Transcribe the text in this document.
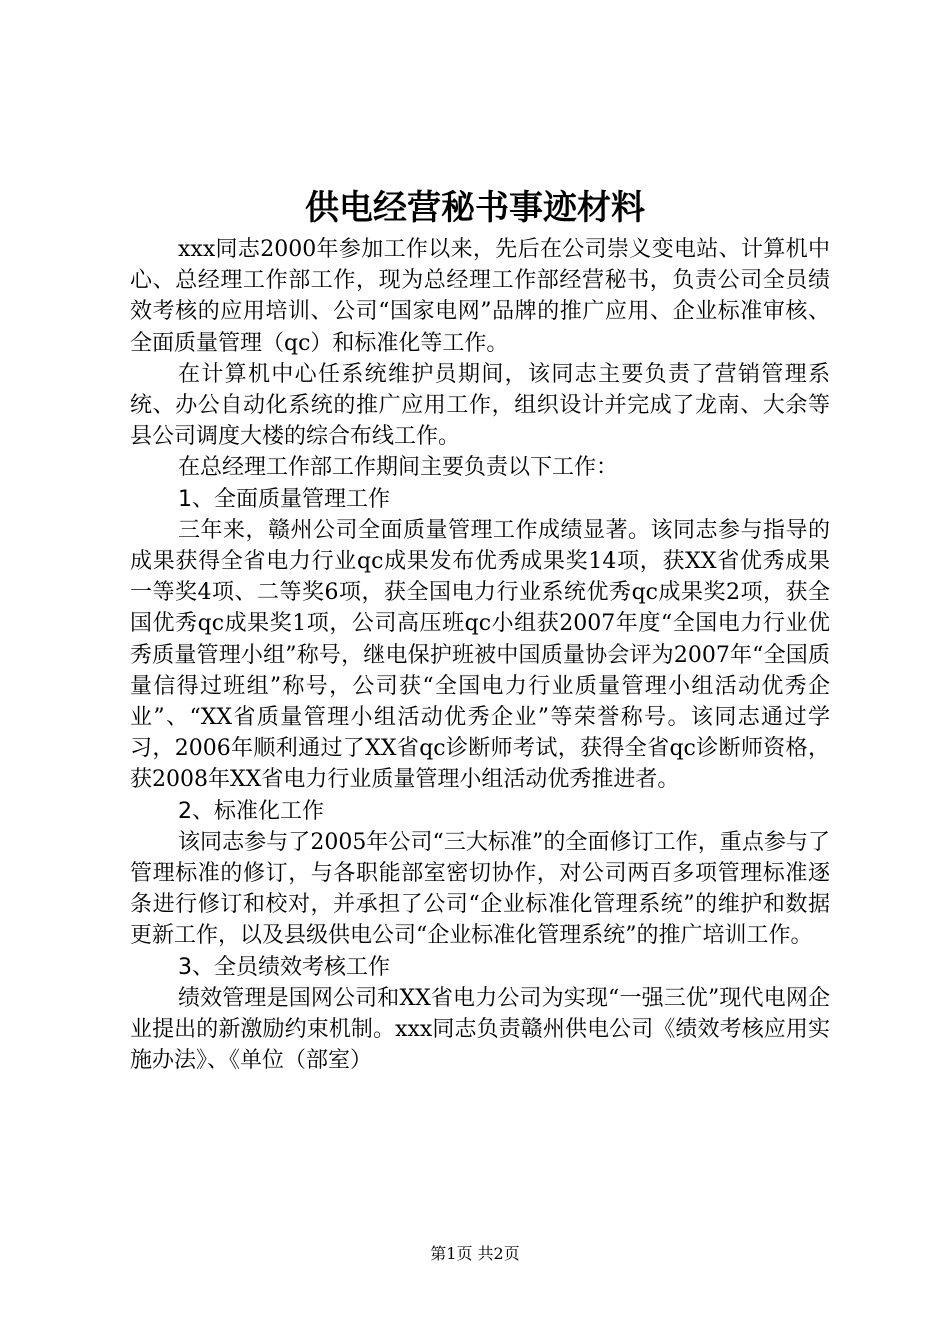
供电经营秘书事迹材料

xxx同志2000年参加工作以来，先后在公司崇义变电站、计算机中心、总经理工作部工作，现为总经理工作部经营秘书，负责公司全员绩效考核的应用培训、公司“国家电网”品牌的推广应用、企业标准审核、全面质量管理（qc）和标准化等工作。

在计算机中心任系统维护员期间，该同志主要负责了营销管理系统、办公自动化系统的推广应用工作，组织设计并完成了龙南、大余等县公司调度大楼的综合布线工作。

在总经理工作部工作期间主要负责以下工作：

1、全面质量管理工作

三年来，赣州公司全面质量管理工作成绩显著。该同志参与指导的成果获得全省电力行业qc成果发布优秀成果奖14项，获XX省优秀成果一等奖4项、二等奖6项，获全国电力行业系统优秀qc成果奖2项，获全国优秀qc成果奖1项，公司高压班qc小组获2007年度“全国电力行业优秀质量管理小组”称号，继电保护班被中国质量协会评为2007年“全国质量信得过班组”称号，公司获“全国电力行业质量管理小组活动优秀企业”、“XX省质量管理小组活动优秀企业”等荣誉称号。该同志通过学习，2006年顺利通过了XX省qc诊断师考试，获得全省qc诊断师资格，获2008年XX省电力行业质量管理小组活动优秀推进者。

2、标准化工作

该同志参与了2005年公司“三大标准”的全面修订工作，重点参与了管理标准的修订，与各职能部室密切协作，对公司两百多项管理标准逐条进行修订和校对，并承担了公司“企业标准化管理系统”的维护和数据更新工作，以及县级供电公司“企业标准化管理系统”的推广培训工作。

3、全员绩效考核工作

绩效管理是国网公司和XX省电力公司为实现“一强三优”现代电网企业提出的新激励约束机制。xxx同志负责赣州供电公司《绩效考核应用实施办法》、《单位（部室）

第1页 共2页
